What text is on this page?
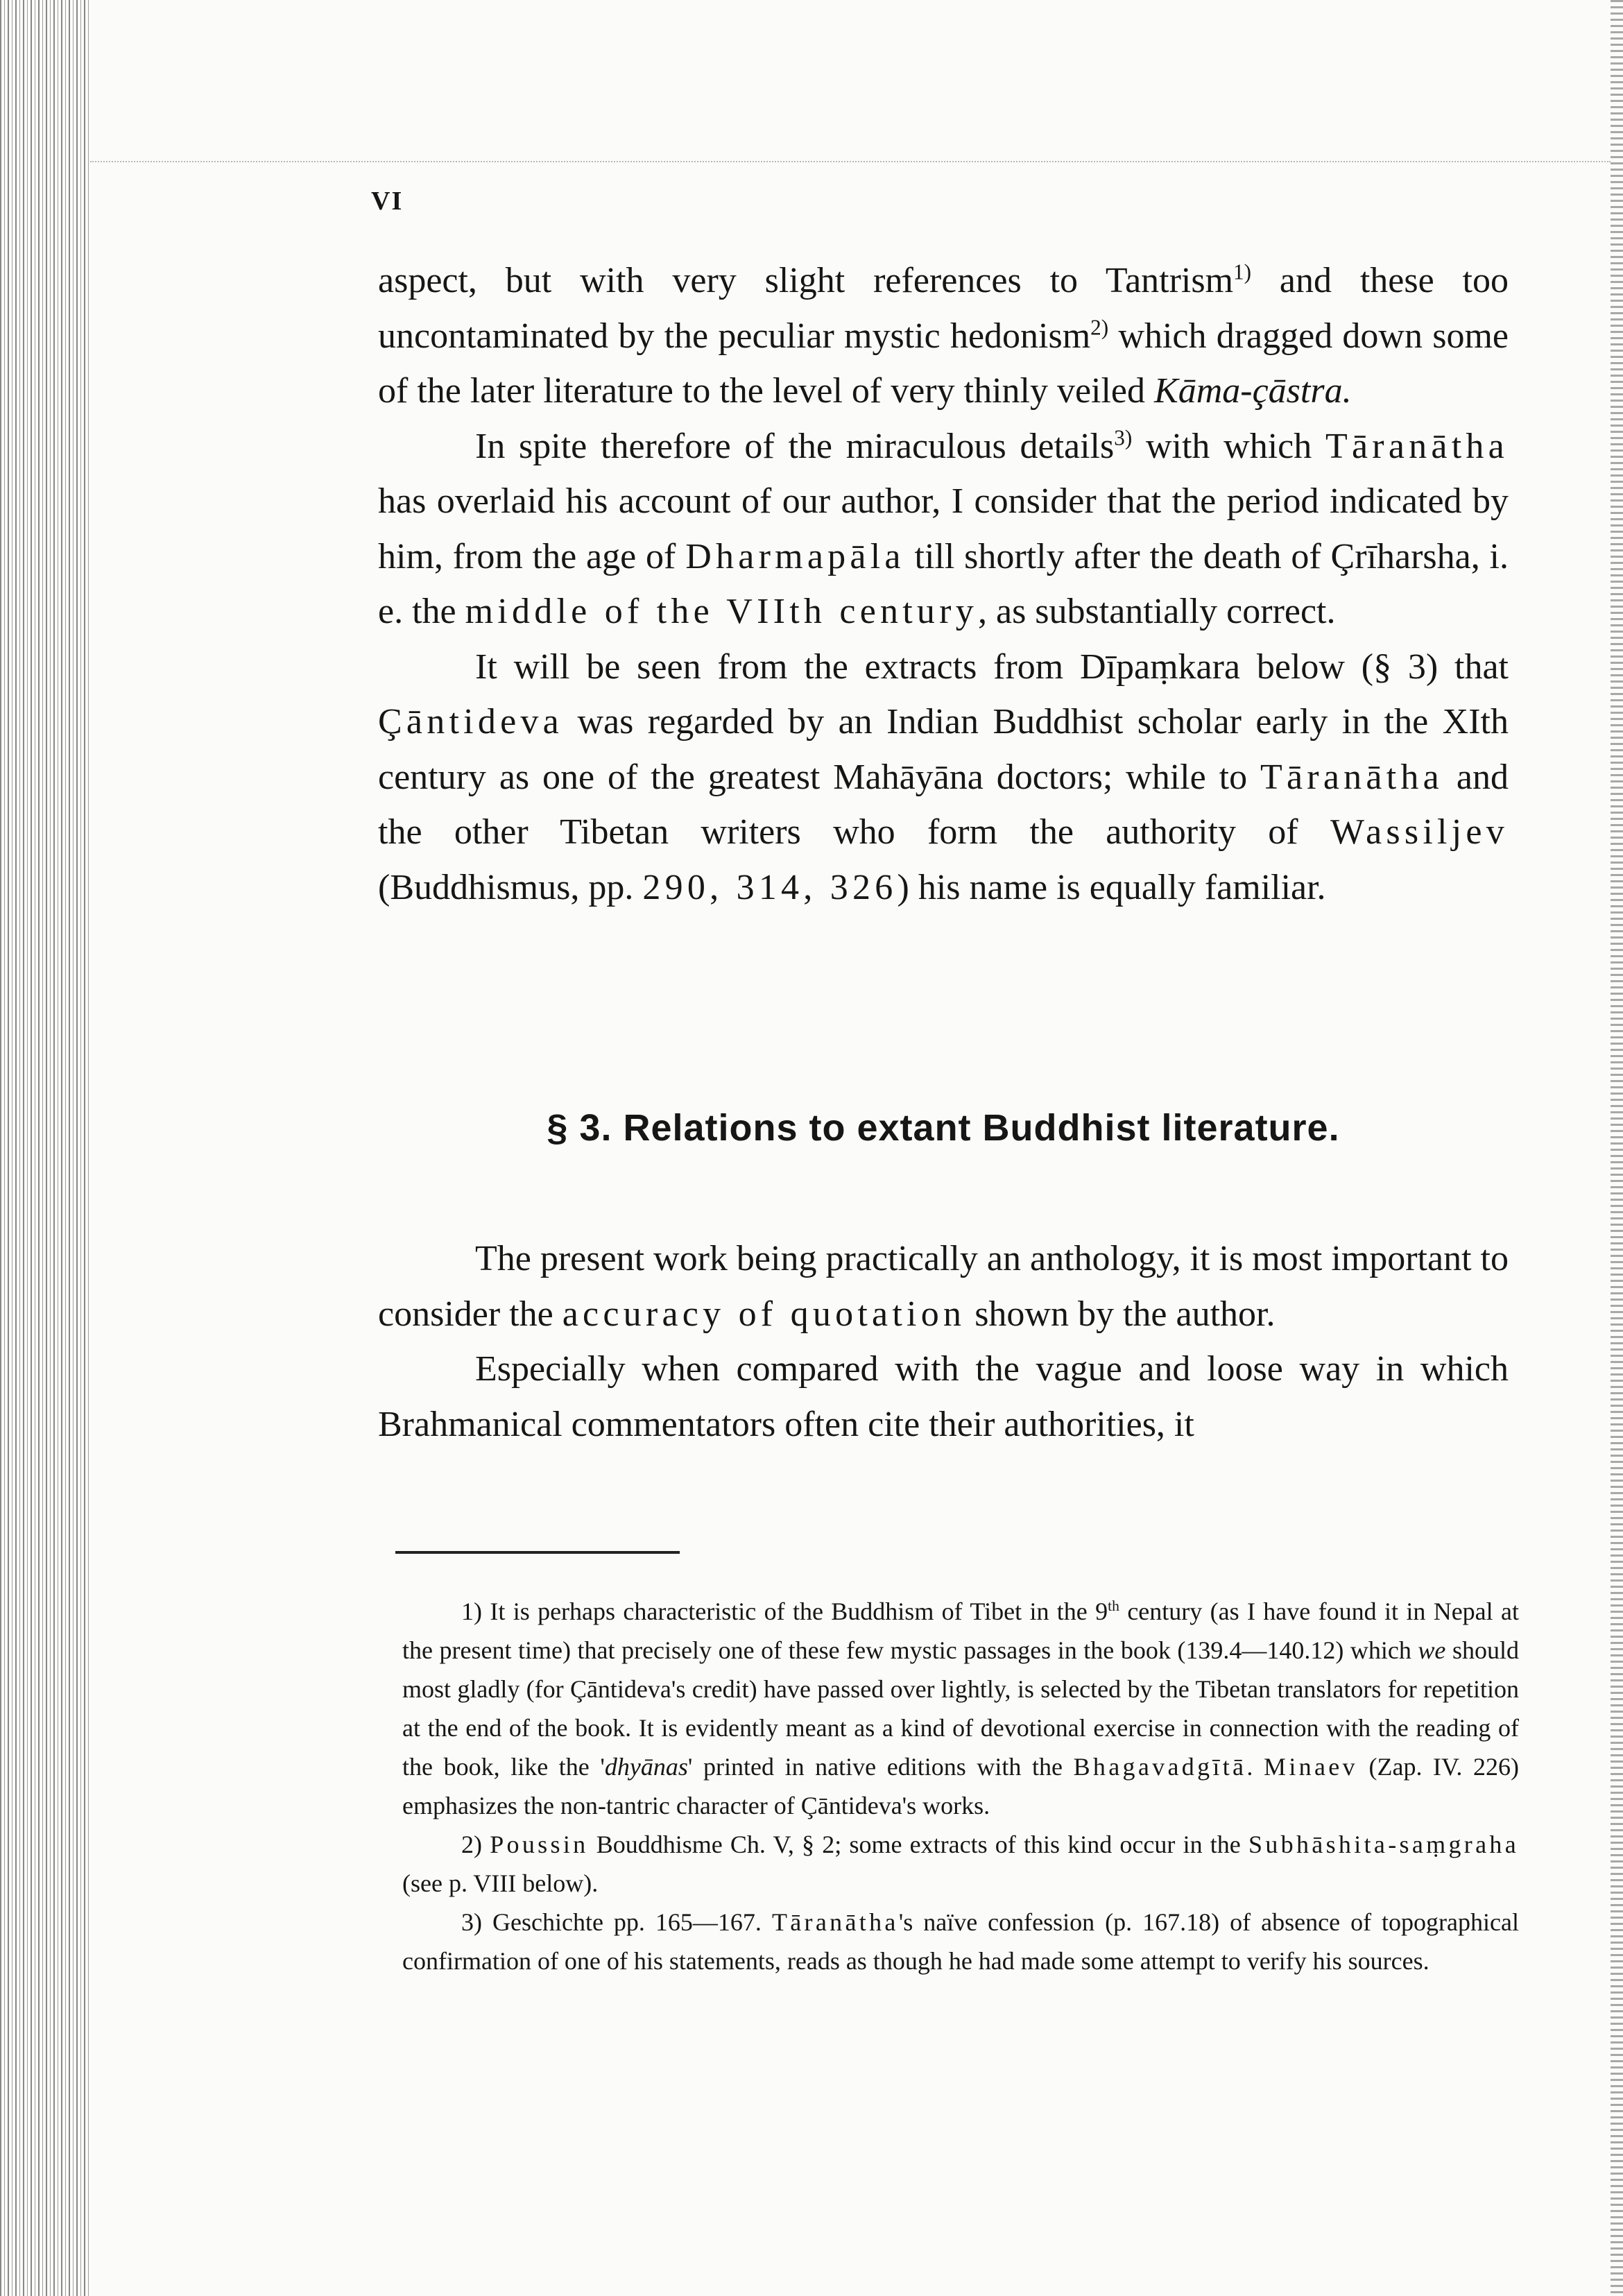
VI

aspect, but with very slight references to Tantrism$^{1)}$ and these too uncontaminated by the peculiar mystic hedonism$^{2)}$ which dragged down some of the later literature to the level of very thinly veiled Kāma-çāstra.

In spite therefore of the miraculous details$^{3)}$ with which Tāranātha has overlaid his account of our author, I consider that the period indicated by him, from the age of Dharmapāla till shortly after the death of Çrīharsha, i. e. the middle of the VIIth century, as substantially correct.

It will be seen from the extracts from Dīpaṃkara below (§ 3) that Çāntideva was regarded by an Indian Buddhist scholar early in the XIth century as one of the greatest Mahāyāna doctors; while to Tāranātha and the other Tibetan writers who form the authority of Wassiljev (Buddhismus, pp. 290, 314, 326) his name is equally familiar.

§ 3. Relations to extant Buddhist literature.

The present work being practically an anthology, it is most important to consider the accuracy of quotation shown by the author.

Especially when compared with the vague and loose way in which Brahmanical commentators often cite their authorities, it

1) It is perhaps characteristic of the Buddhism of Tibet in the 9th century (as I have found it in Nepal at the present time) that precisely one of these few mystic passages in the book (139.4—140.12) which we should most gladly (for Çāntideva's credit) have passed over lightly, is selected by the Tibetan translators for repetition at the end of the book. It is evidently meant as a kind of devotional exercise in connection with the reading of the book, like the 'dhyānas' printed in native editions with the Bhagavadgītā. Minaev (Zap. IV. 226) emphasizes the non-tantric character of Çāntideva's works.

2) Poussin Bouddhisme Ch. V, § 2; some extracts of this kind occur in the Subhāshita-saṃgraha (see p. VIII below).

3) Geschichte pp. 165—167. Tāranātha's naïve confession (p. 167.18) of absence of topographical confirmation of one of his statements, reads as though he had made some attempt to verify his sources.
